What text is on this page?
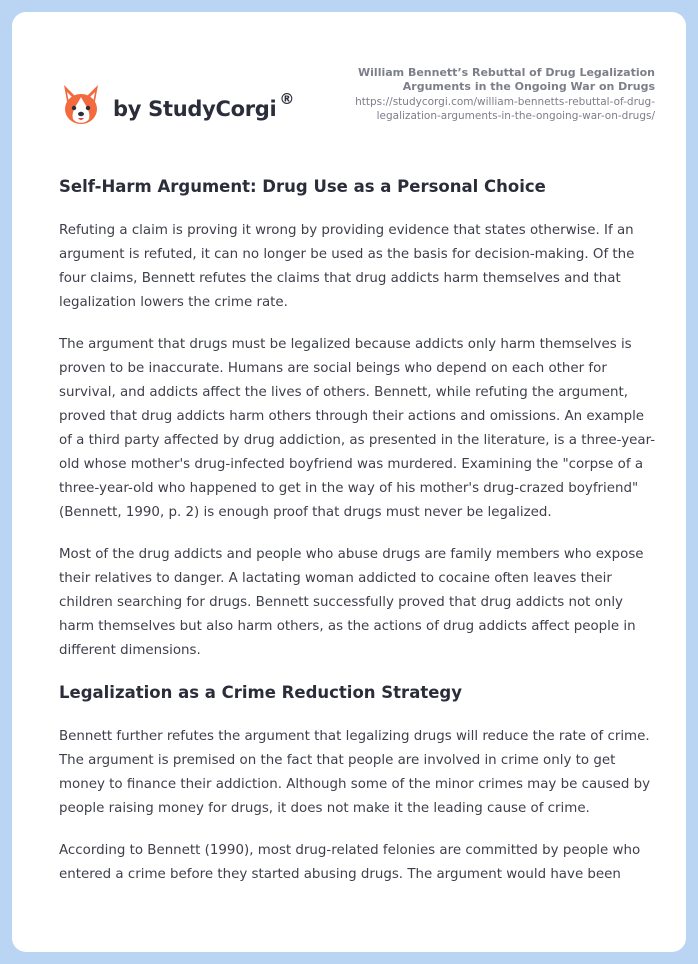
by StudyCorgi ®
William Bennett’s Rebuttal of Drug Legalization Arguments in the Ongoing War on Drugs
https://studycorgi.com/william-bennetts-rebuttal-of-drug-legalization-arguments-in-the-ongoing-war-on-drugs/
Self-Harm Argument: Drug Use as a Personal Choice

Refuting a claim is proving it wrong by providing evidence that states otherwise. If an argument is refuted, it can no longer be used as the basis for decision-making. Of the four claims, Bennett refutes the claims that drug addicts harm themselves and that legalization lowers the crime rate.

The argument that drugs must be legalized because addicts only harm themselves is proven to be inaccurate. Humans are social beings who depend on each other for survival, and addicts affect the lives of others. Bennett, while refuting the argument, proved that drug addicts harm others through their actions and omissions. An example of a third party affected by drug addiction, as presented in the literature, is a three-year-old whose mother's drug-infected boyfriend was murdered. Examining the "corpse of a three-year-old who happened to get in the way of his mother's drug-crazed boyfriend" (Bennett, 1990, p. 2) is enough proof that drugs must never be legalized.

Most of the drug addicts and people who abuse drugs are family members who expose their relatives to danger. A lactating woman addicted to cocaine often leaves their children searching for drugs. Bennett successfully proved that drug addicts not only harm themselves but also harm others, as the actions of drug addicts affect people in different dimensions.

Legalization as a Crime Reduction Strategy

Bennett further refutes the argument that legalizing drugs will reduce the rate of crime. The argument is premised on the fact that people are involved in crime only to get money to finance their addiction. Although some of the minor crimes may be caused by people raising money for drugs, it does not make it the leading cause of crime.

According to Bennett (1990), most drug-related felonies are committed by people who entered a crime before they started abusing drugs. The argument would have been
